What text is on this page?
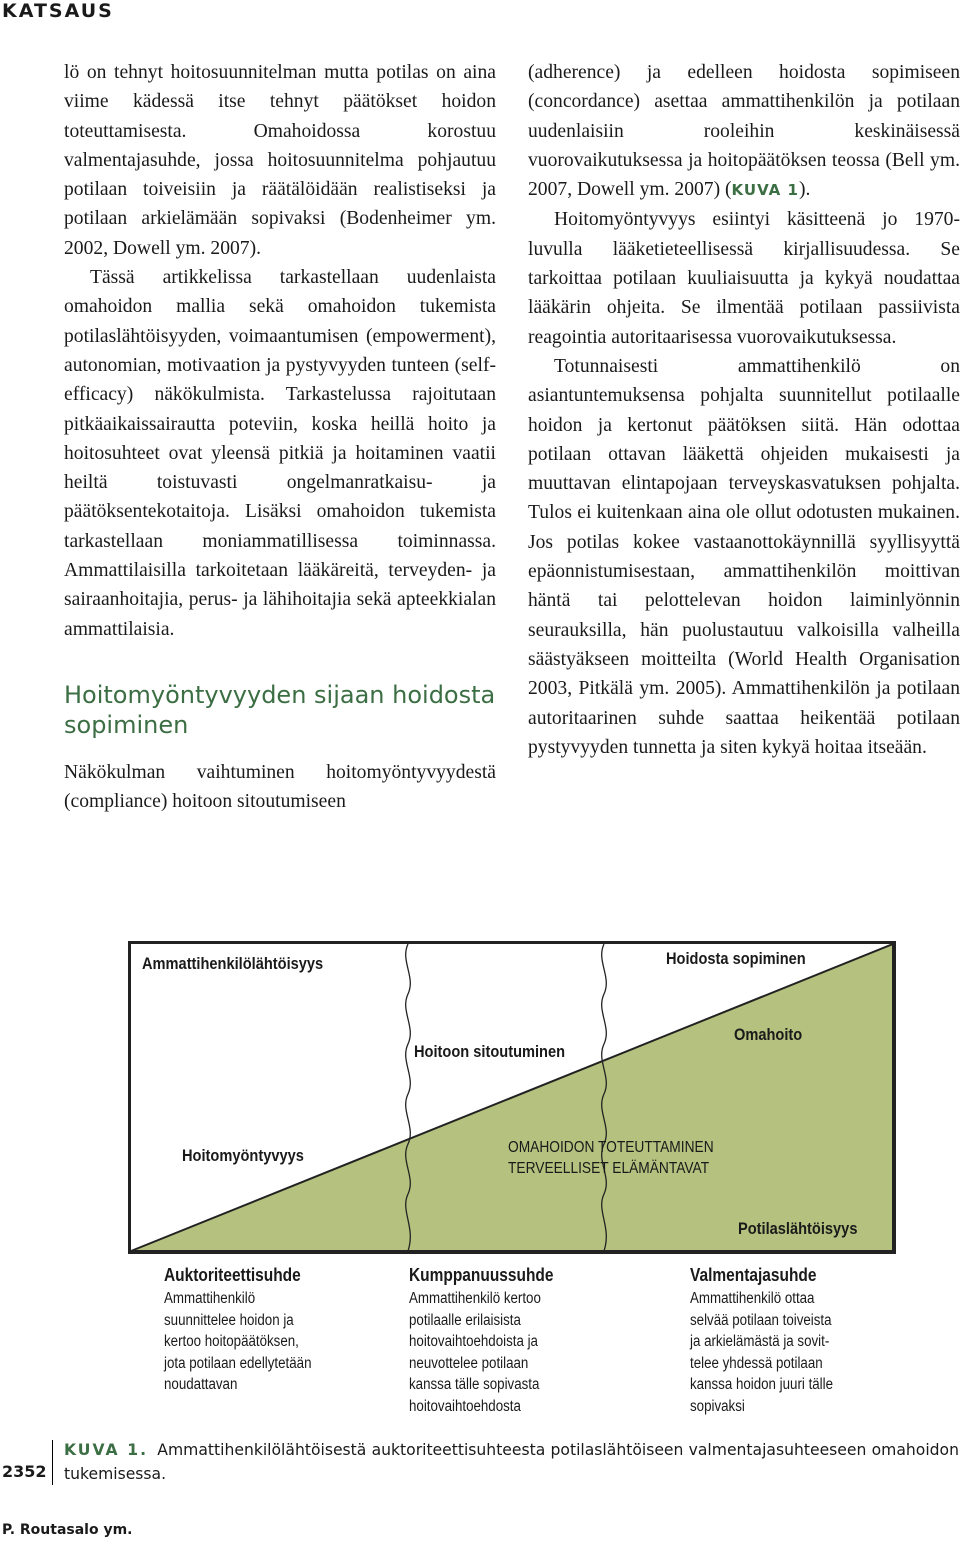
KATSAUS

lö on tehnyt hoitosuunnitelman mutta potilas on aina viime kädessä itse tehnyt päätökset hoidon toteuttamisesta. Omahoidossa korostuu valmentajasuhde, jossa hoitosuunnitelma pohjautuu potilaan toiveisiin ja räätälöidään realistiseksi ja potilaan arkielämään sopivaksi (Bodenheimer ym. 2002, Dowell ym. 2007).

Tässä artikkelissa tarkastellaan uudenlaista omahoidon mallia sekä omahoidon tukemista potilaslähtöisyyden, voimaantumisen (empowerment), autonomian, motivaation ja pystyvyyden tunteen (self-efficacy) näkökulmista. Tarkastelussa rajoitutaan pitkäaikaissairautta poteviin, koska heillä hoito ja hoitosuhteet ovat yleensä pitkiä ja hoitaminen vaatii heiltä toistuvasti ongelmanratkaisu- ja päätöksentekotaitoja. Lisäksi omahoidon tukemista tarkastellaan moniammatillisessa toiminnassa. Ammattilaisilla tarkoitetaan lääkäreitä, terveyden- ja sairaanhoitajia, perus- ja lähihoitajia sekä apteekkialan ammattilaisia.

Hoitomyöntyvyyden sijaan hoidosta sopiminen

Näkökulman vaihtuminen hoitomyöntyvyydestä (compliance) hoitoon sitoutumiseen

(adherence) ja edelleen hoidosta sopimiseen (concordance) asettaa ammattihenkilön ja potilaan uudenlaisiin rooleihin keskinäisessä vuorovaikutuksessa ja hoitopäätöksen teossa (Bell ym. 2007, Dowell ym. 2007) (KUVA 1).

Hoitomyöntyvyys esiintyi käsitteenä jo 1970-luvulla lääketieteellisessä kirjallisuudessa. Se tarkoittaa potilaan kuuliaisuutta ja kykyä noudattaa lääkärin ohjeita. Se ilmentää potilaan passiivista reagointia autoritaarisessa vuorovaikutuksessa.

Totunnaisesti ammattihenkilö on asiantuntemuksensa pohjalta suunnitellut potilaalle hoidon ja kertonut päätöksen siitä. Hän odottaa potilaan ottavan lääkettä ohjeiden mukaisesti ja muuttavan elintapojaan terveyskasvatuksen pohjalta. Tulos ei kuitenkaan aina ole ollut odotusten mukainen. Jos potilas kokee vastaanottokäynnillä syyllisyyttä epäonnistumisestaan, ammattihenkilön moittivan häntä tai pelottelevan hoidon laiminlyönnin seurauksilla, hän puolustautuu valkoisilla valheilla säästyäkseen moitteilta (World Health Organisation 2003, Pitkälä ym. 2005). Ammattihenkilön ja potilaan autoritaarinen suhde saattaa heikentää potilaan pystyvyyden tunnetta ja siten kykyä hoitaa itseään.

Ammattihenkilölähtöisyys	Hoidosta sopiminen
Hoitoon sitoutuminen
Omahoito
Hoitomyöntyvyys	OMAHOIDON TOTEUTTAMINEN
TERVEELLISET ELÄMÄNTAVAT
Potilaslähtöisyys
Auktoriteettisuhde
Ammattihenkilö
suunnittelee hoidon ja
kertoo hoitopäätöksen,
jota potilaan edellytetään
noudattavan
Kumppanuussuhde
Ammattihenkilö kertoo
potilaalle erilaisista
hoitovaihtoehdoista ja
neuvottelee potilaan
kanssa tälle sopivasta
hoitovaihtoehdosta
Valmentajasuhde
Ammattihenkilö ottaa
selvää potilaan toiveista
ja arkielämästä ja sovit-
telee yhdessä potilaan
kanssa hoidon juuri tälle
sopivaksi
2352
KUVA 1. Ammattihenkilölähtöisestä auktoriteettisuhteesta potilaslähtöiseen valmentajasuhteeseen omahoidon tukemisessa.
P. Routasalo ym.
